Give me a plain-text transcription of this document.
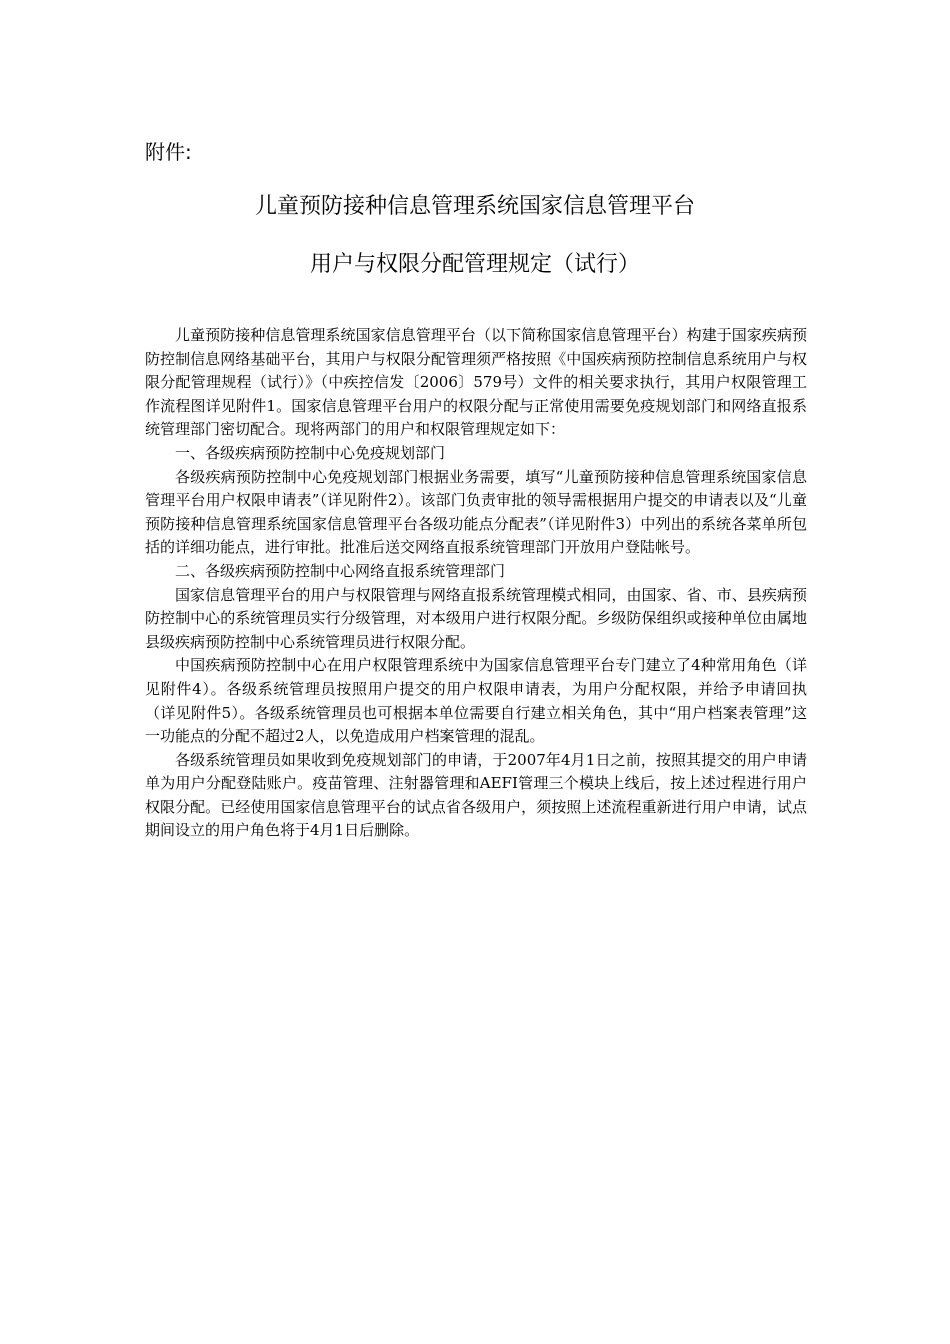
附件:
儿童预防接种信息管理系统国家信息管理平台
用户与权限分配管理规定（试行）

儿童预防接种信息管理系统国家信息管理平台（以下简称国家信息管理平台）构建于国家疾病预防控制信息网络基础平台，其用户与权限分配管理须严格按照《中国疾病预防控制信息系统用户与权限分配管理规程（试行）》（中疾控信发〔2006〕579号）文件的相关要求执行，其用户权限管理工作流程图详见附件1。国家信息管理平台用户的权限分配与正常使用需要免疫规划部门和网络直报系统管理部门密切配合。现将两部门的用户和权限管理规定如下：

一、各级疾病预防控制中心免疫规划部门

各级疾病预防控制中心免疫规划部门根据业务需要，填写“儿童预防接种信息管理系统国家信息管理平台用户权限申请表”（详见附件2）。该部门负责审批的领导需根据用户提交的申请表以及“儿童预防接种信息管理系统国家信息管理平台各级功能点分配表”（详见附件3）中列出的系统各菜单所包括的详细功能点，进行审批。批准后送交网络直报系统管理部门开放用户登陆帐号。

二、各级疾病预防控制中心网络直报系统管理部门

国家信息管理平台的用户与权限管理与网络直报系统管理模式相同，由国家、省、市、县疾病预防控制中心的系统管理员实行分级管理，对本级用户进行权限分配。乡级防保组织或接种单位由属地县级疾病预防控制中心系统管理员进行权限分配。

中国疾病预防控制中心在用户权限管理系统中为国家信息管理平台专门建立了4种常用角色（详见附件4）。各级系统管理员按照用户提交的用户权限申请表，为用户分配权限，并给予申请回执（详见附件5）。各级系统管理员也可根据本单位需要自行建立相关角色，其中“用户档案表管理”这一功能点的分配不超过2人，以免造成用户档案管理的混乱。

各级系统管理员如果收到免疫规划部门的申请，于2007年4月1日之前，按照其提交的用户申请单为用户分配登陆账户。疫苗管理、注射器管理和AEFI管理三个模块上线后，按上述过程进行用户权限分配。已经使用国家信息管理平台的试点省各级用户，须按照上述流程重新进行用户申请，试点期间设立的用户角色将于4月1日后删除。
